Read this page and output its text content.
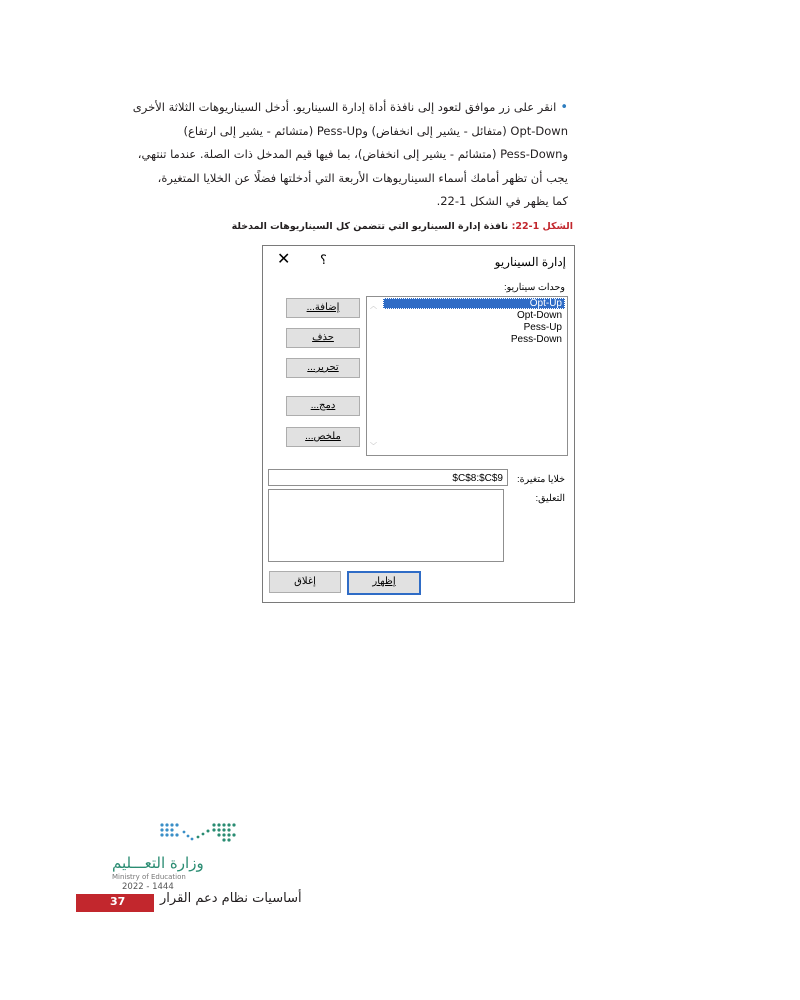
•انقر على زر موافق لتعود إلى نافذة أداة إدارة السيناريو. أدخل السيناريوهات الثلاثة الأخرى
Opt-Down (متفائل - يشير إلى انخفاض) وPess-Up (متشائم - يشير إلى ارتفاع)
وPess-Down (متشائم - يشير إلى انخفاض)، بما فيها قيم المدخل ذات الصلة. عندما تنتهي،
يجب أن تظهر أمامك أسماء السيناريوهات الأربعة التي أدخلتها فضلًا عن الخلايا المتغيرة،
كما يظهر في الشكل 1-22.
الشكل 1-22: نافذة إدارة السيناريو التي تتضمن كل السيناريوهات المدخلة
إدارة السيناريو
؟
✕
وحدات سيناريو:
︿
﹀
Opt-Up
Opt-Down
Pess-Up
Pess-Down
إضافة...
حذف
تحرير...
دمج...
ملخص...
خلايا متغيرة:
$C$8:$C$9
التعليق:
إظهار
إغلاق
وزارة التعـــليم
Ministry of Education
2022 - 1444
37	أساسيات نظام دعم القرار
